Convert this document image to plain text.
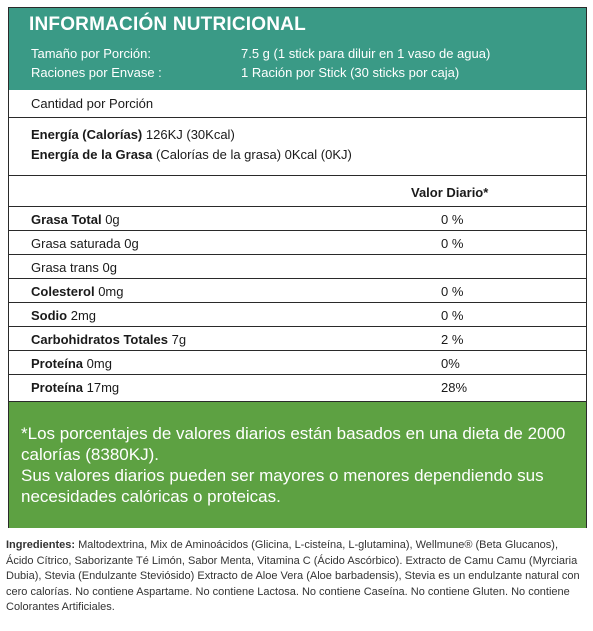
INFORMACIÓN NUTRICIONAL
Tamaño por Porción:	7.5 g (1 stick para diluir en 1 vaso de agua)
Raciones por Envase :	1 Ración por Stick (30 sticks por caja)
Cantidad por Porción
Energía (Calorías) 126KJ (30Kcal)
Energía de la Grasa (Calorías de la grasa) 0Kcal (0KJ)
Valor Diario*
Grasa Total 0g	0 %
Grasa saturada 0g	0 %
Grasa trans 0g
Colesterol 0mg	0 %
Sodio 2mg	0 %
Carbohidratos Totales 7g	2 %
Proteína 0mg	0%
Proteína 17mg	28%

*Los porcentajes de valores diarios están basados en una dieta de 2000 calorías (8380KJ).

Sus valores diarios pueden ser mayores o menores dependiendo sus necesidades calóricas o proteicas.

Ingredientes: Maltodextrina, Mix de Aminoácidos (Glicina, L-cisteína, L-glutamina), Wellmune® (Beta Glucanos), Ácido Cítrico, Saborizante Té Limón, Sabor Menta, Vitamina C (Ácido Ascórbico). Extracto de Camu Camu (Myrciaria Dubia), Stevia (Endulzante Steviósido) Extracto de Aloe Vera (Aloe barbadensis), Stevia es un endulzante natural con cero calorías. No contiene Aspartame. No contiene Lactosa. No contiene Caseína. No contiene Gluten. No contiene Colorantes Artificiales.
